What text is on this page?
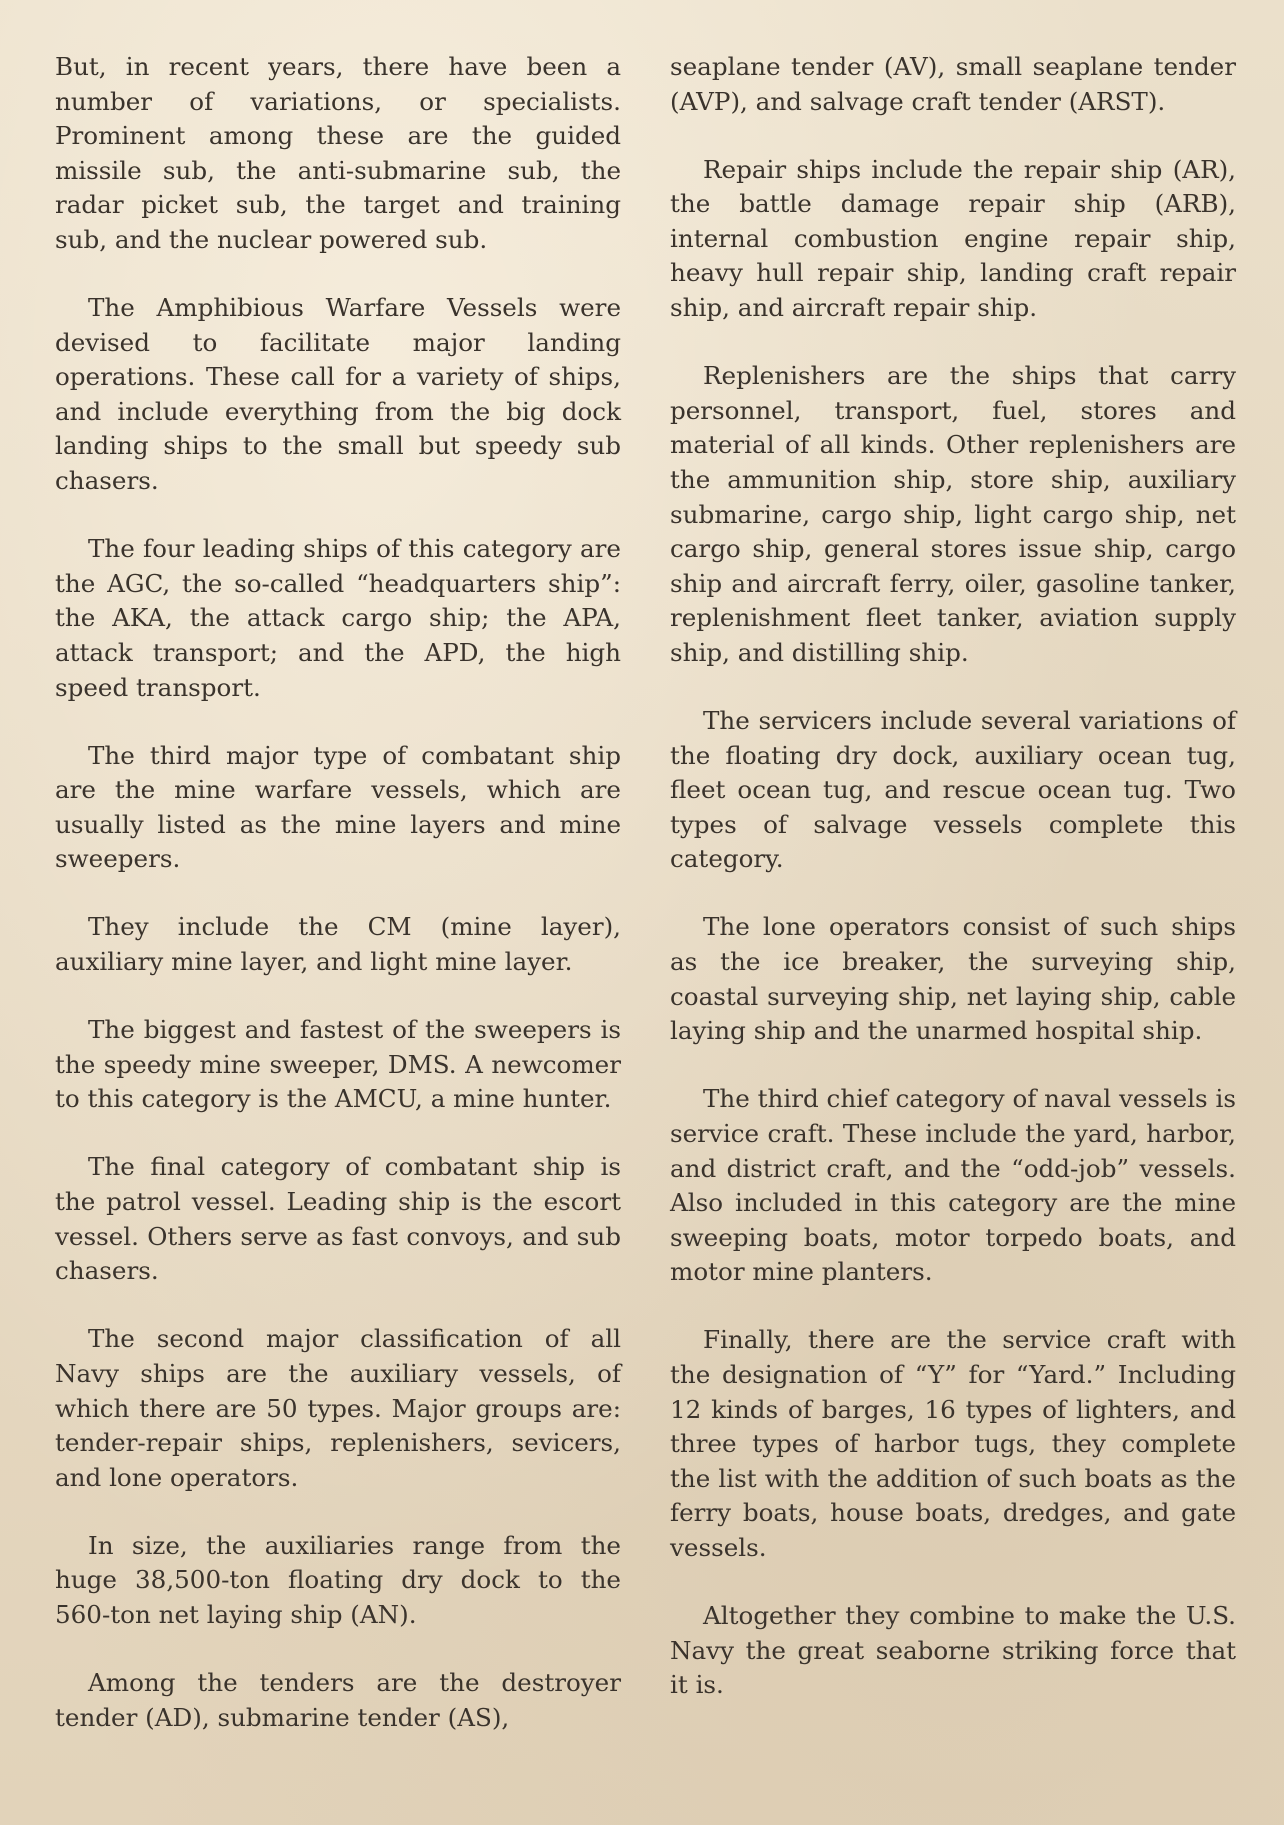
But, in recent years, there have been a number of variations, or specialists. Prominent among these are the guided missile sub, the anti-submarine sub, the radar picket sub, the target and training sub, and the nuclear powered sub.

The Amphibious Warfare Vessels were devised to facilitate major landing operations. These call for a variety of ships, and include everything from the big dock landing ships to the small but speedy sub chasers.

The four leading ships of this category are the AGC, the so-called “headquarters ship”: the AKA, the attack cargo ship; the APA, attack transport; and the APD, the high speed transport.

The third major type of combatant ship are the mine warfare vessels, which are usually listed as the mine layers and mine sweepers.

They include the CM (mine layer), auxiliary mine layer, and light mine layer.

The biggest and fastest of the sweepers is the speedy mine sweeper, DMS. A newcomer to this category is the AMCU, a mine hunter.

The final category of combatant ship is the patrol vessel. Leading ship is the escort vessel. Others serve as fast convoys, and sub chasers.

The second major classification of all Navy ships are the auxiliary vessels, of which there are 50 types. Major groups are: tender-repair ships, replenishers, sevicers, and lone operators.

In size, the auxiliaries range from the huge 38,500-ton floating dry dock to the 560-ton net laying ship (AN).

Among the tenders are the destroyer tender (AD), submarine tender (AS),

seaplane tender (AV), small seaplane tender (AVP), and salvage craft tender (ARST).

Repair ships include the repair ship (AR), the battle damage repair ship (ARB), internal combustion engine repair ship, heavy hull repair ship, landing craft repair ship, and aircraft repair ship.

Replenishers are the ships that carry personnel, transport, fuel, stores and material of all kinds. Other replenishers are the ammunition ship, store ship, auxiliary submarine, cargo ship, light cargo ship, net cargo ship, general stores issue ship, cargo ship and aircraft ferry, oiler, gasoline tanker, replenishment fleet tanker, aviation supply ship, and distilling ship.

The servicers include several variations of the floating dry dock, auxiliary ocean tug, fleet ocean tug, and rescue ocean tug. Two types of salvage vessels complete this category.

The lone operators consist of such ships as the ice breaker, the surveying ship, coastal surveying ship, net laying ship, cable laying ship and the unarmed hospital ship.

The third chief category of naval vessels is service craft. These include the yard, harbor, and district craft, and the “odd-job” vessels. Also included in this category are the mine sweeping boats, motor torpedo boats, and motor mine planters.

Finally, there are the service craft with the designation of “Y” for “Yard.” Including 12 kinds of barges, 16 types of lighters, and three types of harbor tugs, they complete the list with the addition of such boats as the ferry boats, house boats, dredges, and gate vessels.

Altogether they combine to make the U.S. Navy the great seaborne striking force that it is.
